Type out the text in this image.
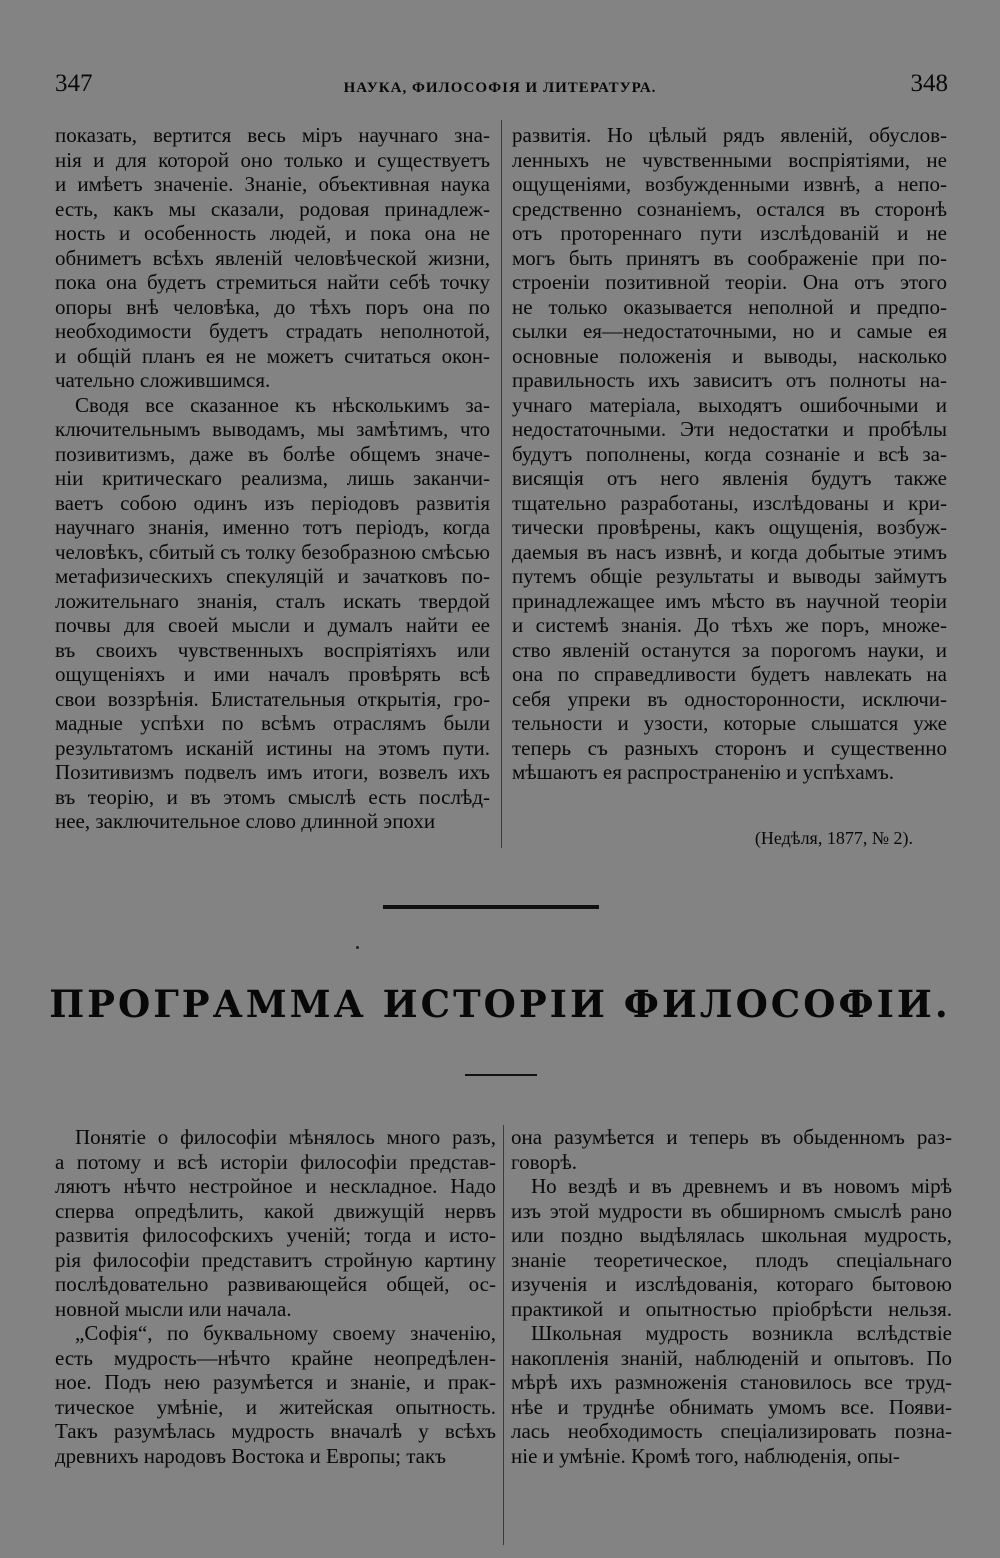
347	НАУКА, ФИЛОСОФІЯ И ЛИТЕРАТУРА.	348
показать, вертится весь міръ научнаго зна-
нія и для которой оно только и существуетъ
и имѣетъ значеніе. Знаніе, объективная наука
есть, какъ мы сказали, родовая принадлеж-
ность и особенность людей, и пока она не
обниметъ всѣхъ явленій человѣческой жизни,
пока она будетъ стремиться найти себѣ точку
опоры внѣ человѣка, до тѣхъ поръ она по
необходимости будетъ страдать неполнотой,
и общій планъ ея не можетъ считаться окон-
чательно сложившимся.
Сводя все сказанное къ нѣсколькимъ за-
ключительнымъ выводамъ, мы замѣтимъ, что
позивитизмъ, даже въ болѣе общемъ значе-
ніи критическаго реализма, лишь заканчи-
ваетъ собою одинъ изъ періодовъ развитія
научнаго знанія, именно тотъ періодъ, когда
человѣкъ, сбитый съ толку безобразною смѣсью
метафизическихъ спекуляцій и зачатковъ по-
ложительнаго знанія, сталъ искать твердой
почвы для своей мысли и думалъ найти ее
въ своихъ чувственныхъ воспріятіяхъ или
ощущеніяхъ и ими началъ провѣрять всѣ
свои воззрѣнія. Блистательныя открытія, гро-
мадные успѣхи по всѣмъ отраслямъ были
результатомъ исканій истины на этомъ пути.
Позитивизмъ подвелъ имъ итоги, возвелъ ихъ
въ теорію, и въ этомъ смыслѣ есть послѣд-
нее, заключительное слово длинной эпохи
развитія. Но цѣлый рядъ явленій, обуслов-
ленныхъ не чувственными воспріятіями, не
ощущеніями, возбужденными извнѣ, а непо-
средственно сознаніемъ, остался въ сторонѣ
отъ протореннаго пути изслѣдованій и не
могъ быть принятъ въ соображеніе при по-
строеніи позитивной теоріи. Она отъ этого
не только оказывается неполной и предпо-
сылки ея—недостаточными, но и самые ея
основные положенія и выводы, насколько
правильность ихъ зависитъ отъ полноты на-
учнаго матеріала, выходятъ ошибочными и
недостаточными. Эти недостатки и пробѣлы
будутъ пополнены, когда сознаніе и всѣ за-
висящія отъ него явленія будутъ также
тщательно разработаны, изслѣдованы и кри-
тически провѣрены, какъ ощущенія, возбуж-
даемыя въ насъ извнѣ, и когда добытые этимъ
путемъ общіе результаты и выводы займутъ
принадлежащее имъ мѣсто въ научной теоріи
и системѣ знанія. До тѣхъ же поръ, множе-
ство явленій останутся за порогомъ науки, и
она по справедливости будетъ навлекать на
себя упреки въ односторонности, исключи-
тельности и узости, которые слышатся уже
теперь съ разныхъ сторонъ и существенно
мѣшаютъ ея распространенію и успѣхамъ.
(Недѣля, 1877, № 2).
ПРОГРАММА ИСТОРІИ ФИЛОСОФІИ.
Понятіе о философіи мѣнялось много разъ,
а потому и всѣ исторіи философіи представ-
ляютъ нѣчто нестройное и нескладное. Надо
сперва опредѣлить, какой движущій нервъ
развитія философскихъ ученій; тогда и исто-
рія философіи представитъ стройную картину
послѣдовательно развивающейся общей, ос-
новной мысли или начала.
„Софія“, по буквальному своему значенію,
есть мудрость—нѣчто крайне неопредѣлен-
ное. Подъ нею разумѣется и знаніе, и прак-
тическое умѣніе, и житейская опытность.
Такъ разумѣлась мудрость вначалѣ у всѣхъ
древнихъ народовъ Востока и Европы; такъ
она разумѣется и теперь въ обыденномъ раз-
говорѣ.
Но вездѣ и въ древнемъ и въ новомъ мірѣ
изъ этой мудрости въ обширномъ смыслѣ рано
или поздно выдѣлялась школьная мудрость,
знаніе теоретическое, плодъ спеціальнаго
изученія и изслѣдованія, котораго бытовою
практикой и опытностью пріобрѣсти нельзя.
Школьная мудрость возникла вслѣдствіе
накопленія знаній, наблюденій и опытовъ. По
мѣрѣ ихъ размноженія становилось все труд-
нѣе и труднѣе обнимать умомъ все. Появи-
лась необходимость спеціализировать позна-
ніе и умѣніе. Кромѣ того, наблюденія, опы-
